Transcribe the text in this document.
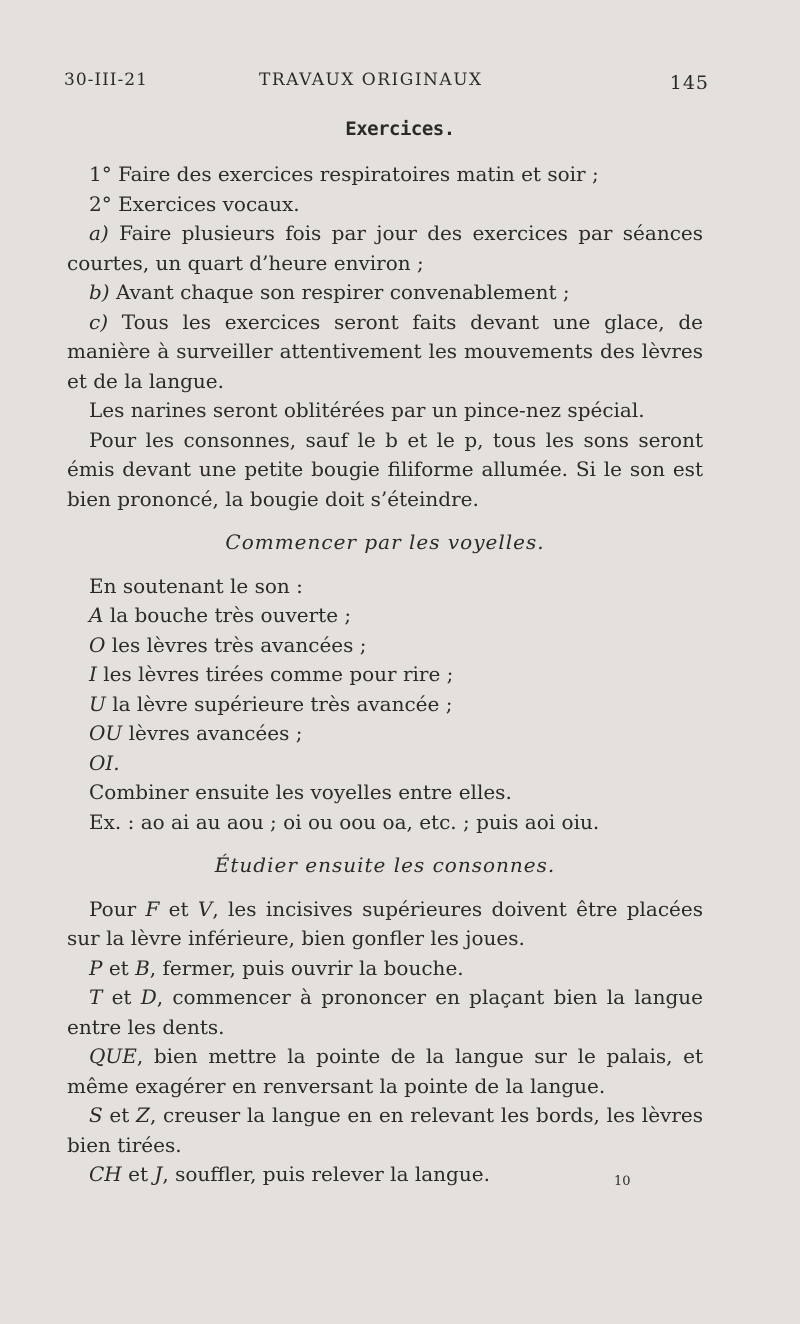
30-III-21	TRAVAUX ORIGINAUX	145
Exercices.

1° Faire des exercices respiratoires matin et soir ;

2° Exercices vocaux.

a) Faire plusieurs fois par jour des exercices par séances courtes, un quart d’heure environ ;

b) Avant chaque son respirer convenablement ;

c) Tous les exercices seront faits devant une glace, de manière à surveiller attentivement les mouvements des lèvres et de la langue.

Les narines seront oblitérées par un pince-nez spécial.

Pour les consonnes, sauf le b et le p, tous les sons seront émis devant une petite bougie filiforme allumée. Si le son est bien prononcé, la bougie doit s’éteindre.

Commencer par les voyelles.

En soutenant le son :

A la bouche très ouverte ;

O les lèvres très avancées ;

I les lèvres tirées comme pour rire ;

U la lèvre supérieure très avancée ;

OU lèvres avancées ;

OI.

Combiner ensuite les voyelles entre elles.

Ex. : ao ai au aou ; oi ou oou oa, etc. ; puis aoi oiu.

Étudier ensuite les consonnes.

Pour F et V, les incisives supérieures doivent être placées sur la lèvre inférieure, bien gonfler les joues.

P et B, fermer, puis ouvrir la bouche.

T et D, commencer à prononcer en plaçant bien la langue entre les dents.

QUE, bien mettre la pointe de la langue sur le palais, et même exagérer en renversant la pointe de la langue.

S et Z, creuser la langue en en relevant les bords, les lèvres bien tirées.

CH et J, souffler, puis relever la langue.	10
